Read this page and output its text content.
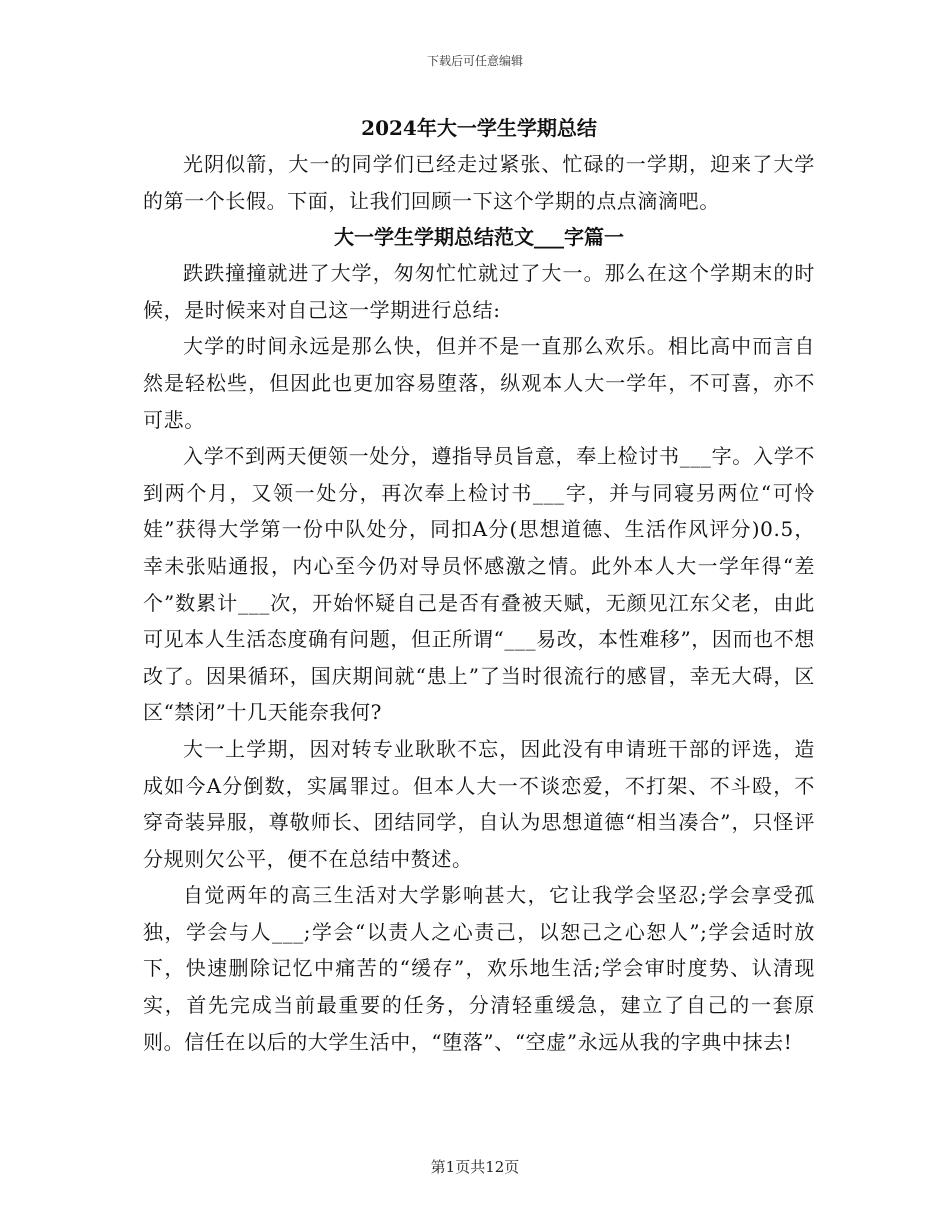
下载后可任意编辑
2024年大一学生学期总结

光阴似箭，大一的同学们已经走过紧张、忙碌的一学期，迎来了大学的第一个长假。下面，让我们回顾一下这个学期的点点滴滴吧。

大一学生学期总结范文___字篇一

跌跌撞撞就进了大学，匆匆忙忙就过了大一。那么在这个学期末的时候，是时候来对自己这一学期进行总结:

大学的时间永远是那么快，但并不是一直那么欢乐。相比高中而言自然是轻松些，但因此也更加容易堕落，纵观本人大一学年，不可喜，亦不可悲。

入学不到两天便领一处分，遵指导员旨意，奉上检讨书___字。入学不到两个月，又领一处分，再次奉上检讨书___字，并与同寝另两位“可怜娃”获得大学第一份中队处分，同扣A分(思想道德、生活作风评分)0.5，幸未张贴通报，内心至今仍对导员怀感激之情。此外本人大一学年得“差个”数累计___次，开始怀疑自己是否有叠被天赋，无颜见江东父老，由此可见本人生活态度确有问题，但正所谓“___易改，本性难移”，因而也不想改了。因果循环，国庆期间就“患上”了当时很流行的感冒，幸无大碍，区区“禁闭”十几天能奈我何?

大一上学期，因对转专业耿耿不忘，因此没有申请班干部的评选，造成如今A分倒数，实属罪过。但本人大一不谈恋爱，不打架、不斗殴，不穿奇装异服，尊敬师长、团结同学，自认为思想道德“相当凑合”，只怪评分规则欠公平，便不在总结中赘述。

自觉两年的高三生活对大学影响甚大，它让我学会坚忍;学会享受孤独，学会与人___;学会“以责人之心责己，以恕己之心恕人”;学会适时放下，快速删除记忆中痛苦的“缓存”，欢乐地生活;学会审时度势、认清现实，首先完成当前最重要的任务，分清轻重缓急，建立了自己的一套原则。信任在以后的大学生活中，“堕落”、“空虚”永远从我的字典中抹去!

第1页共12页
